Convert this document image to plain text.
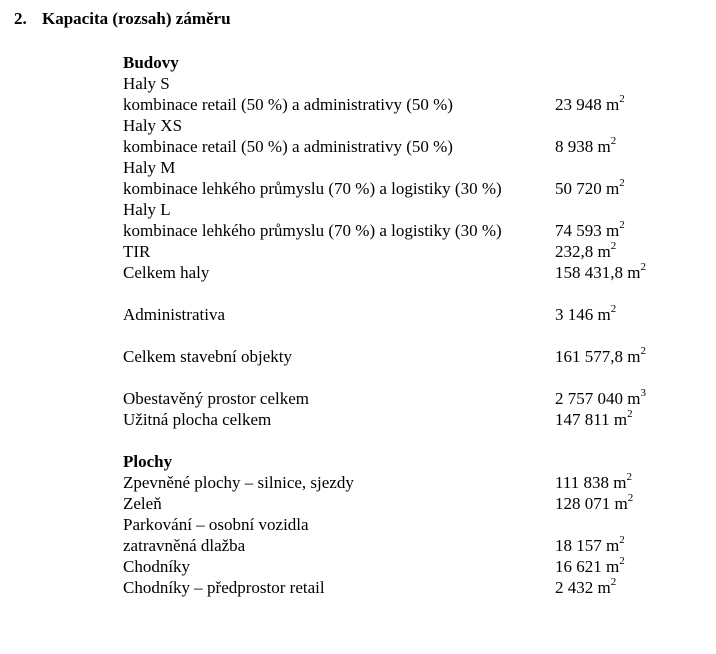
2. Kapacita (rozsah) záměru
Budovy
Haly S
kombinace retail (50 %) a administrativy (50 %)	23 948 $m^2$
Haly XS
kombinace retail (50 %) a administrativy (50 %)	8 938 $m^2$
Haly M
kombinace lehkého průmyslu (70 %) a logistiky (30 %)	50 720 $m^2$
Haly L
kombinace lehkého průmyslu (70 %) a logistiky (30 %)	74 593 $m^2$
TIR	232,8 $m^2$
Celkem haly	158 431,8 $m^2$
Administrativa	3 146 $m^2$
Celkem stavební objekty	161 577,8 $m^2$
Obestavěný prostor celkem	2 757 040 $m^3$
Užitná plocha celkem	147 811 $m^2$
Plochy
Zpevněné plochy – silnice, sjezdy	111 838 $m^2$
Zeleň	128 071 $m^2$
Parkování – osobní vozidla
zatravněná dlažba	18 157 $m^2$
Chodníky	16 621 $m^2$
Chodníky – předprostor retail	2 432 $m^2$
